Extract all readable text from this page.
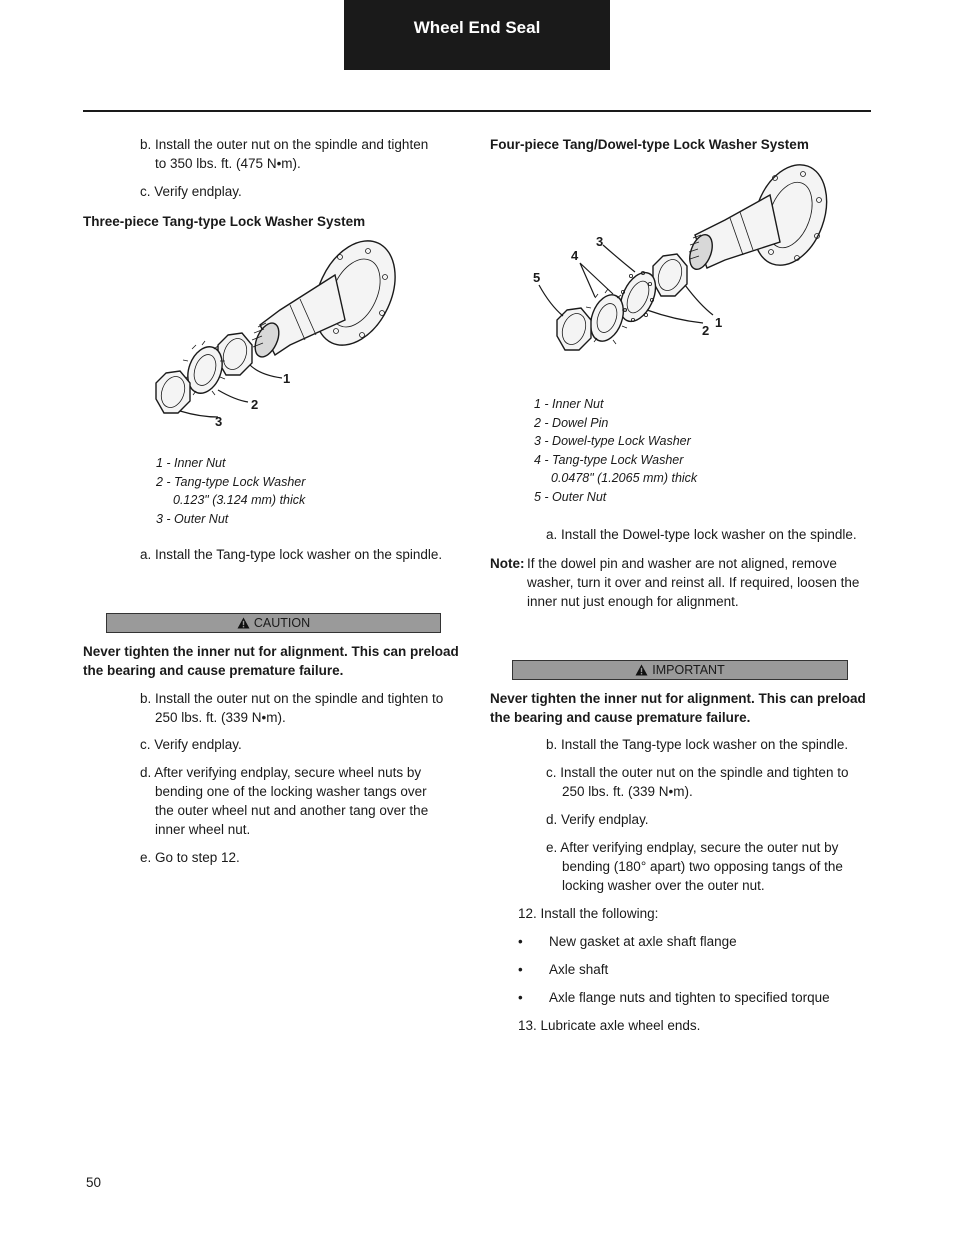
Wheel End Seal
b. Install the outer nut on the spindle and tighten
to 350 lbs. ft. (475 N•m).
c. Verify endplay.
Three-piece Tang-type Lock Washer System
1
2
3
1 - Inner Nut
2 - Tang-type Lock Washer
0.123" (3.124 mm) thick
3 - Outer Nut
a. Install the Tang-type lock washer on the spindle.
CAUTION
Never tighten the inner nut for alignment. This can preload
the bearing and cause premature failure.
b. Install the outer nut on the spindle and tighten to
250 lbs. ft. (339 N•m).
c. Verify endplay.
d. After verifying endplay, secure wheel nuts by
bending one of the locking washer tangs over
the outer wheel nut and another tang over the
inner wheel nut.
e. Go to step 12.
Four-piece Tang/Dowel-type Lock Washer System
1
2
3
4
5
1 - Inner Nut
2 - Dowel Pin
3 - Dowel-type Lock Washer
4 - Tang-type Lock Washer
0.0478" (1.2065 mm) thick
5 - Outer Nut
a. Install the Dowel-type lock washer on the spindle.
Note: If the dowel pin and washer are not aligned, remove
washer, turn it over and reinst all. If required, loosen the
inner nut just enough for alignment.
IMPORTANT
Never tighten the inner nut for alignment. This can preload
the bearing and cause premature failure.
b. Install the Tang-type lock washer on the spindle.
c. Install the outer nut on the spindle and tighten to
250 lbs. ft. (339 N•m).
d. Verify endplay.
e. After verifying endplay, secure the outer nut by
bending (180° apart) two opposing tangs of the
locking washer over the outer nut.
12. Install the following:
• New gasket at axle shaft flange
• Axle shaft
• Axle flange nuts and tighten to specified torque
13. Lubricate axle wheel ends.
50
